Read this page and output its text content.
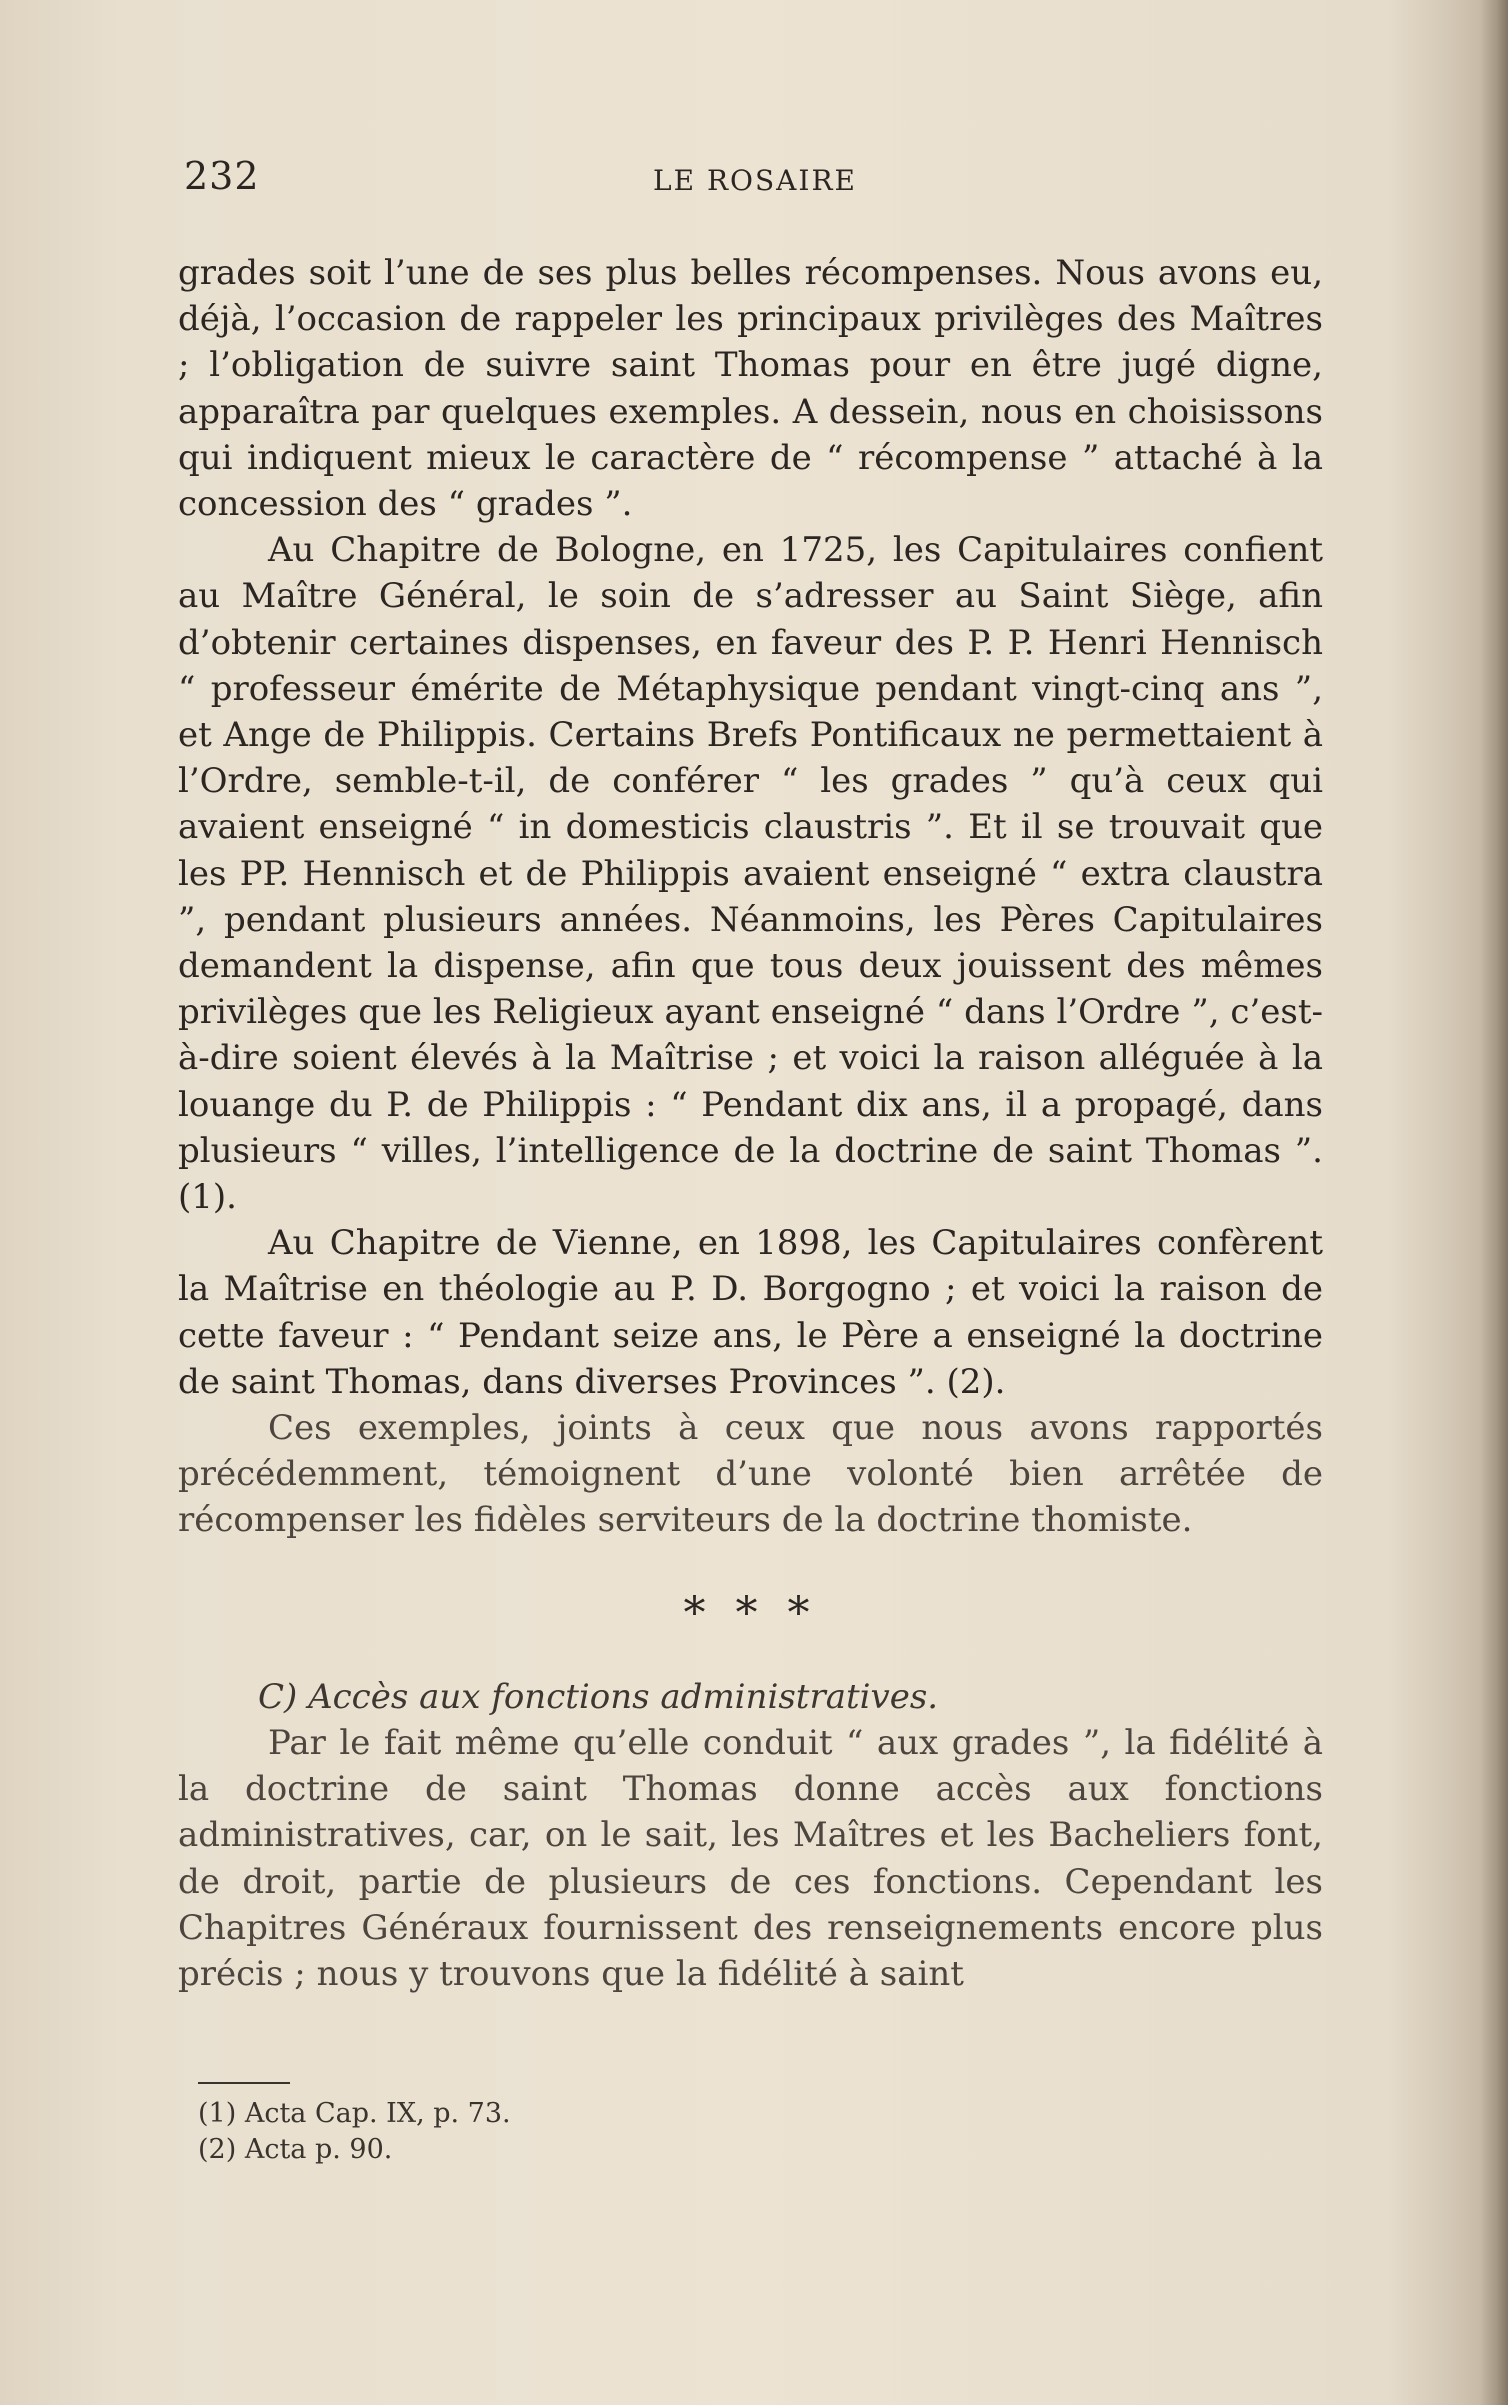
232	LE ROSAIRE

grades soit l’une de ses plus belles récompenses. Nous avons eu, déjà, l’occasion de rappeler les principaux privilèges des Maîtres ; l’obligation de suivre saint Thomas pour en être jugé digne, apparaîtra par quelques exemples. A dessein, nous en choisissons qui indiquent mieux le caractère de “ récompense ” attaché à la concession des “ grades ”.

Au Chapitre de Bologne, en 1725, les Capitulaires confient au Maître Général, le soin de s’adresser au Saint Siège, afin d’obtenir certaines dispenses, en faveur des P. P. Henri Hennisch “ professeur émérite de Métaphysique pendant vingt-cinq ans ”, et Ange de Philippis. Certains Brefs Pontificaux ne permettaient à l’Ordre, semble-t-il, de conférer “ les grades ” qu’à ceux qui avaient enseigné “ in domesticis claustris ”. Et il se trouvait que les PP. Hennisch et de Philippis avaient enseigné “ extra claustra ”, pendant plusieurs années. Néanmoins, les Pères Capitulaires demandent la dispense, afin que tous deux jouissent des mêmes privilèges que les Religieux ayant enseigné “ dans l’Ordre ”, c’est-à-dire soient élevés à la Maîtrise ; et voici la raison alléguée à la louange du P. de Philippis : “ Pendant dix ans, il a propagé, dans plusieurs “ villes, l’intelligence de la doctrine de saint Thomas ”. (1).

Au Chapitre de Vienne, en 1898, les Capitulaires confèrent la Maîtrise en théologie au P. D. Borgogno ; et voici la raison de cette faveur : “ Pendant seize ans, le Père a enseigné la doctrine de saint Thomas, dans diverses Provinces ”. (2).

Ces exemples, joints à ceux que nous avons rapportés précédemment, témoignent d’une volonté bien arrêtée de récompenser les fidèles serviteurs de la doctrine thomiste.

* * *

C) Accès aux fonctions administratives.

Par le fait même qu’elle conduit “ aux grades ”, la fidélité à la doctrine de saint Thomas donne accès aux fonctions administratives, car, on le sait, les Maîtres et les Bacheliers font, de droit, partie de plusieurs de ces fonctions. Cependant les Chapitres Généraux fournissent des renseignements encore plus précis ; nous y trouvons que la fidélité à saint

(1) Acta Cap. IX, p. 73.
(2) Acta p. 90.
